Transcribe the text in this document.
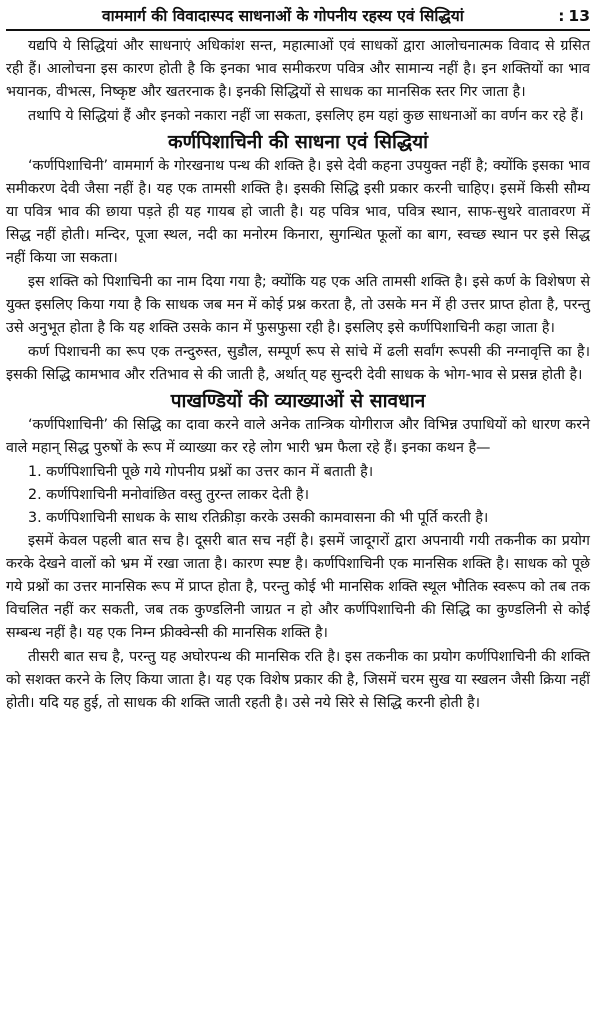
वाममार्ग की विवादास्पद साधनाओं के गोपनीय रहस्य एवं सिद्धियां	: 13

यद्यपि ये सिद्धियां और साधनाएं अधिकांश सन्त, महात्माओं एवं साधकों द्वारा आलोचनात्मक विवाद से ग्रसित रही हैं। आलोचना इस कारण होती है कि इनका भाव समीकरण पवित्र और सामान्य नहीं है। इन शक्तियों का भाव भयानक, वीभत्स, निष्कृष्ट और खतरनाक है। इनकी सिद्धियों से साधक का मानसिक स्तर गिर जाता है।

तथापि ये सिद्धियां हैं और इनको नकारा नहीं जा सकता, इसलिए हम यहां कुछ साधनाओं का वर्णन कर रहे हैं।

कर्णपिशाचिनी की साधना एवं सिद्धियां

‘कर्णपिशाचिनी’ वाममार्ग के गोरखनाथ पन्थ की शक्ति है। इसे देवी कहना उपयुक्त नहीं है; क्योंकि इसका भाव समीकरण देवी जैसा नहीं है। यह एक तामसी शक्ति है। इसकी सिद्धि इसी प्रकार करनी चाहिए। इसमें किसी सौम्य या पवित्र भाव की छाया पड़ते ही यह गायब हो जाती है। यह पवित्र भाव, पवित्र स्थान, साफ-सुथरे वातावरण में सिद्ध नहीं होती। मन्दिर, पूजा स्थल, नदी का मनोरम किनारा, सुगन्धित फूलों का बाग, स्वच्छ स्थान पर इसे सिद्ध नहीं किया जा सकता।

इस शक्ति को पिशाचिनी का नाम दिया गया है; क्योंकि यह एक अति तामसी शक्ति है। इसे कर्ण के विशेषण से युक्त इसलिए किया गया है कि साधक जब मन में कोई प्रश्न करता है, तो उसके मन में ही उत्तर प्राप्त होता है, परन्तु उसे अनुभूत होता है कि यह शक्ति उसके कान में फुसफुसा रही है। इसलिए इसे कर्णपिशाचिनी कहा जाता है।

कर्ण पिशाचनी का रूप एक तन्दुरुस्त, सुडौल, सम्पूर्ण रूप से सांचे में ढली सर्वांग रूपसी की नग्नावृत्ति का है। इसकी सिद्धि कामभाव और रतिभाव से की जाती है, अर्थात् यह सुन्दरी देवी साधक के भोग-भाव से प्रसन्न होती है।

पाखण्डियों की व्याख्याओं से सावधान

‘कर्णपिशाचिनी’ की सिद्धि का दावा करने वाले अनेक तान्त्रिक योगीराज और विभिन्न उपाधियों को धारण करने वाले महान् सिद्ध पुरुषों के रूप में व्याख्या कर रहे लोग भारी भ्रम फैला रहे हैं। इनका कथन है—

1. कर्णपिशाचिनी पूछे गये गोपनीय प्रश्नों का उत्तर कान में बताती है।
2. कर्णपिशाचिनी मनोवांछित वस्तु तुरन्त लाकर देती है।
3. कर्णपिशाचिनी साधक के साथ रतिक्रीड़ा करके उसकी कामवासना की भी पूर्ति करती है।

इसमें केवल पहली बात सच है। दूसरी बात सच नहीं है। इसमें जादूगरों द्वारा अपनायी गयी तकनीक का प्रयोग करके देखने वालों को भ्रम में रखा जाता है। कारण स्पष्ट है। कर्णपिशाचिनी एक मानसिक शक्ति है। साधक को पूछे गये प्रश्नों का उत्तर मानसिक रूप में प्राप्त होता है, परन्तु कोई भी मानसिक शक्ति स्थूल भौतिक स्वरूप को तब तक विचलित नहीं कर सकती, जब तक कुण्डलिनी जाग्रत न हो और कर्णपिशाचिनी की सिद्धि का कुण्डलिनी से कोई सम्बन्ध नहीं है। यह एक निम्न फ्रीक्वेन्सी की मानसिक शक्ति है।

तीसरी बात सच है, परन्तु यह अघोरपन्थ की मानसिक रति है। इस तकनीक का प्रयोग कर्णपिशाचिनी की शक्ति को सशक्त करने के लिए किया जाता है। यह एक विशेष प्रकार की है, जिसमें चरम सुख या स्खलन जैसी क्रिया नहीं होती। यदि यह हुई, तो साधक की शक्ति जाती रहती है। उसे नये सिरे से सिद्धि करनी होती है।
